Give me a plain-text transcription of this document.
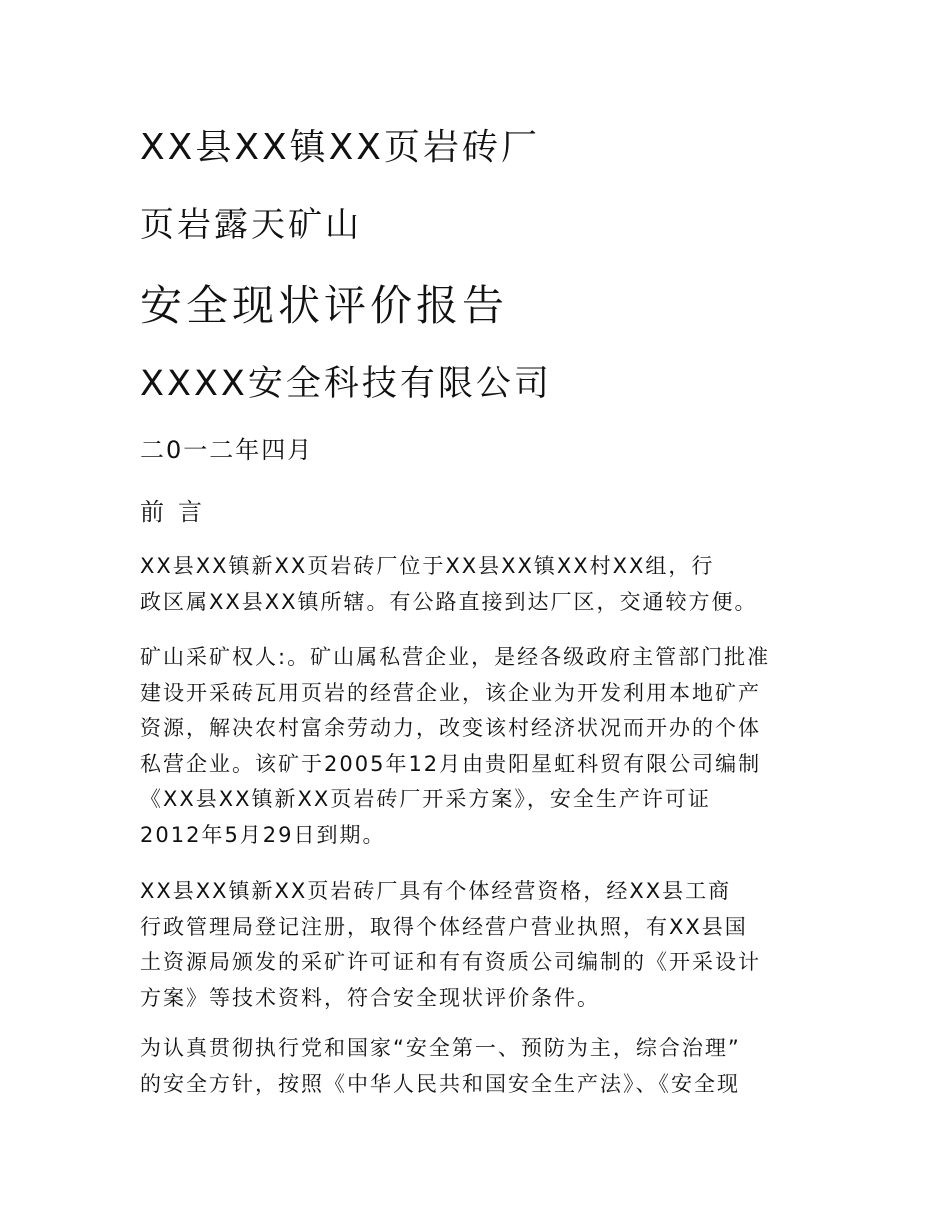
XX县XX镇XX页岩砖厂
页岩露天矿山
安全现状评价报告
XXXX安全科技有限公司
二0一二年四月
前 言
XX县XX镇新XX页岩砖厂位于XX县XX镇XX村XX组，行
政区属XX县XX镇所辖。有公路直接到达厂区，交通较方便。
矿山采矿权人:。矿山属私营企业，是经各级政府主管部门批准
建设开采砖瓦用页岩的经营企业，该企业为开发利用本地矿产
资源，解决农村富余劳动力，改变该村经济状况而开办的个体
私营企业。该矿于2005年12月由贵阳星虹科贸有限公司编制
《XX县XX镇新XX页岩砖厂开采方案》，安全生产许可证
2012年5月29日到期。
XX县XX镇新XX页岩砖厂具有个体经营资格，经XX县工商
行政管理局登记注册，取得个体经营户营业执照，有XX县国
土资源局颁发的采矿许可证和有有资质公司编制的《开采设计
方案》等技术资料，符合安全现状评价条件。
为认真贯彻执行党和国家“安全第一、预防为主，综合治理”
的安全方针，按照《中华人民共和国安全生产法》、《安全现
